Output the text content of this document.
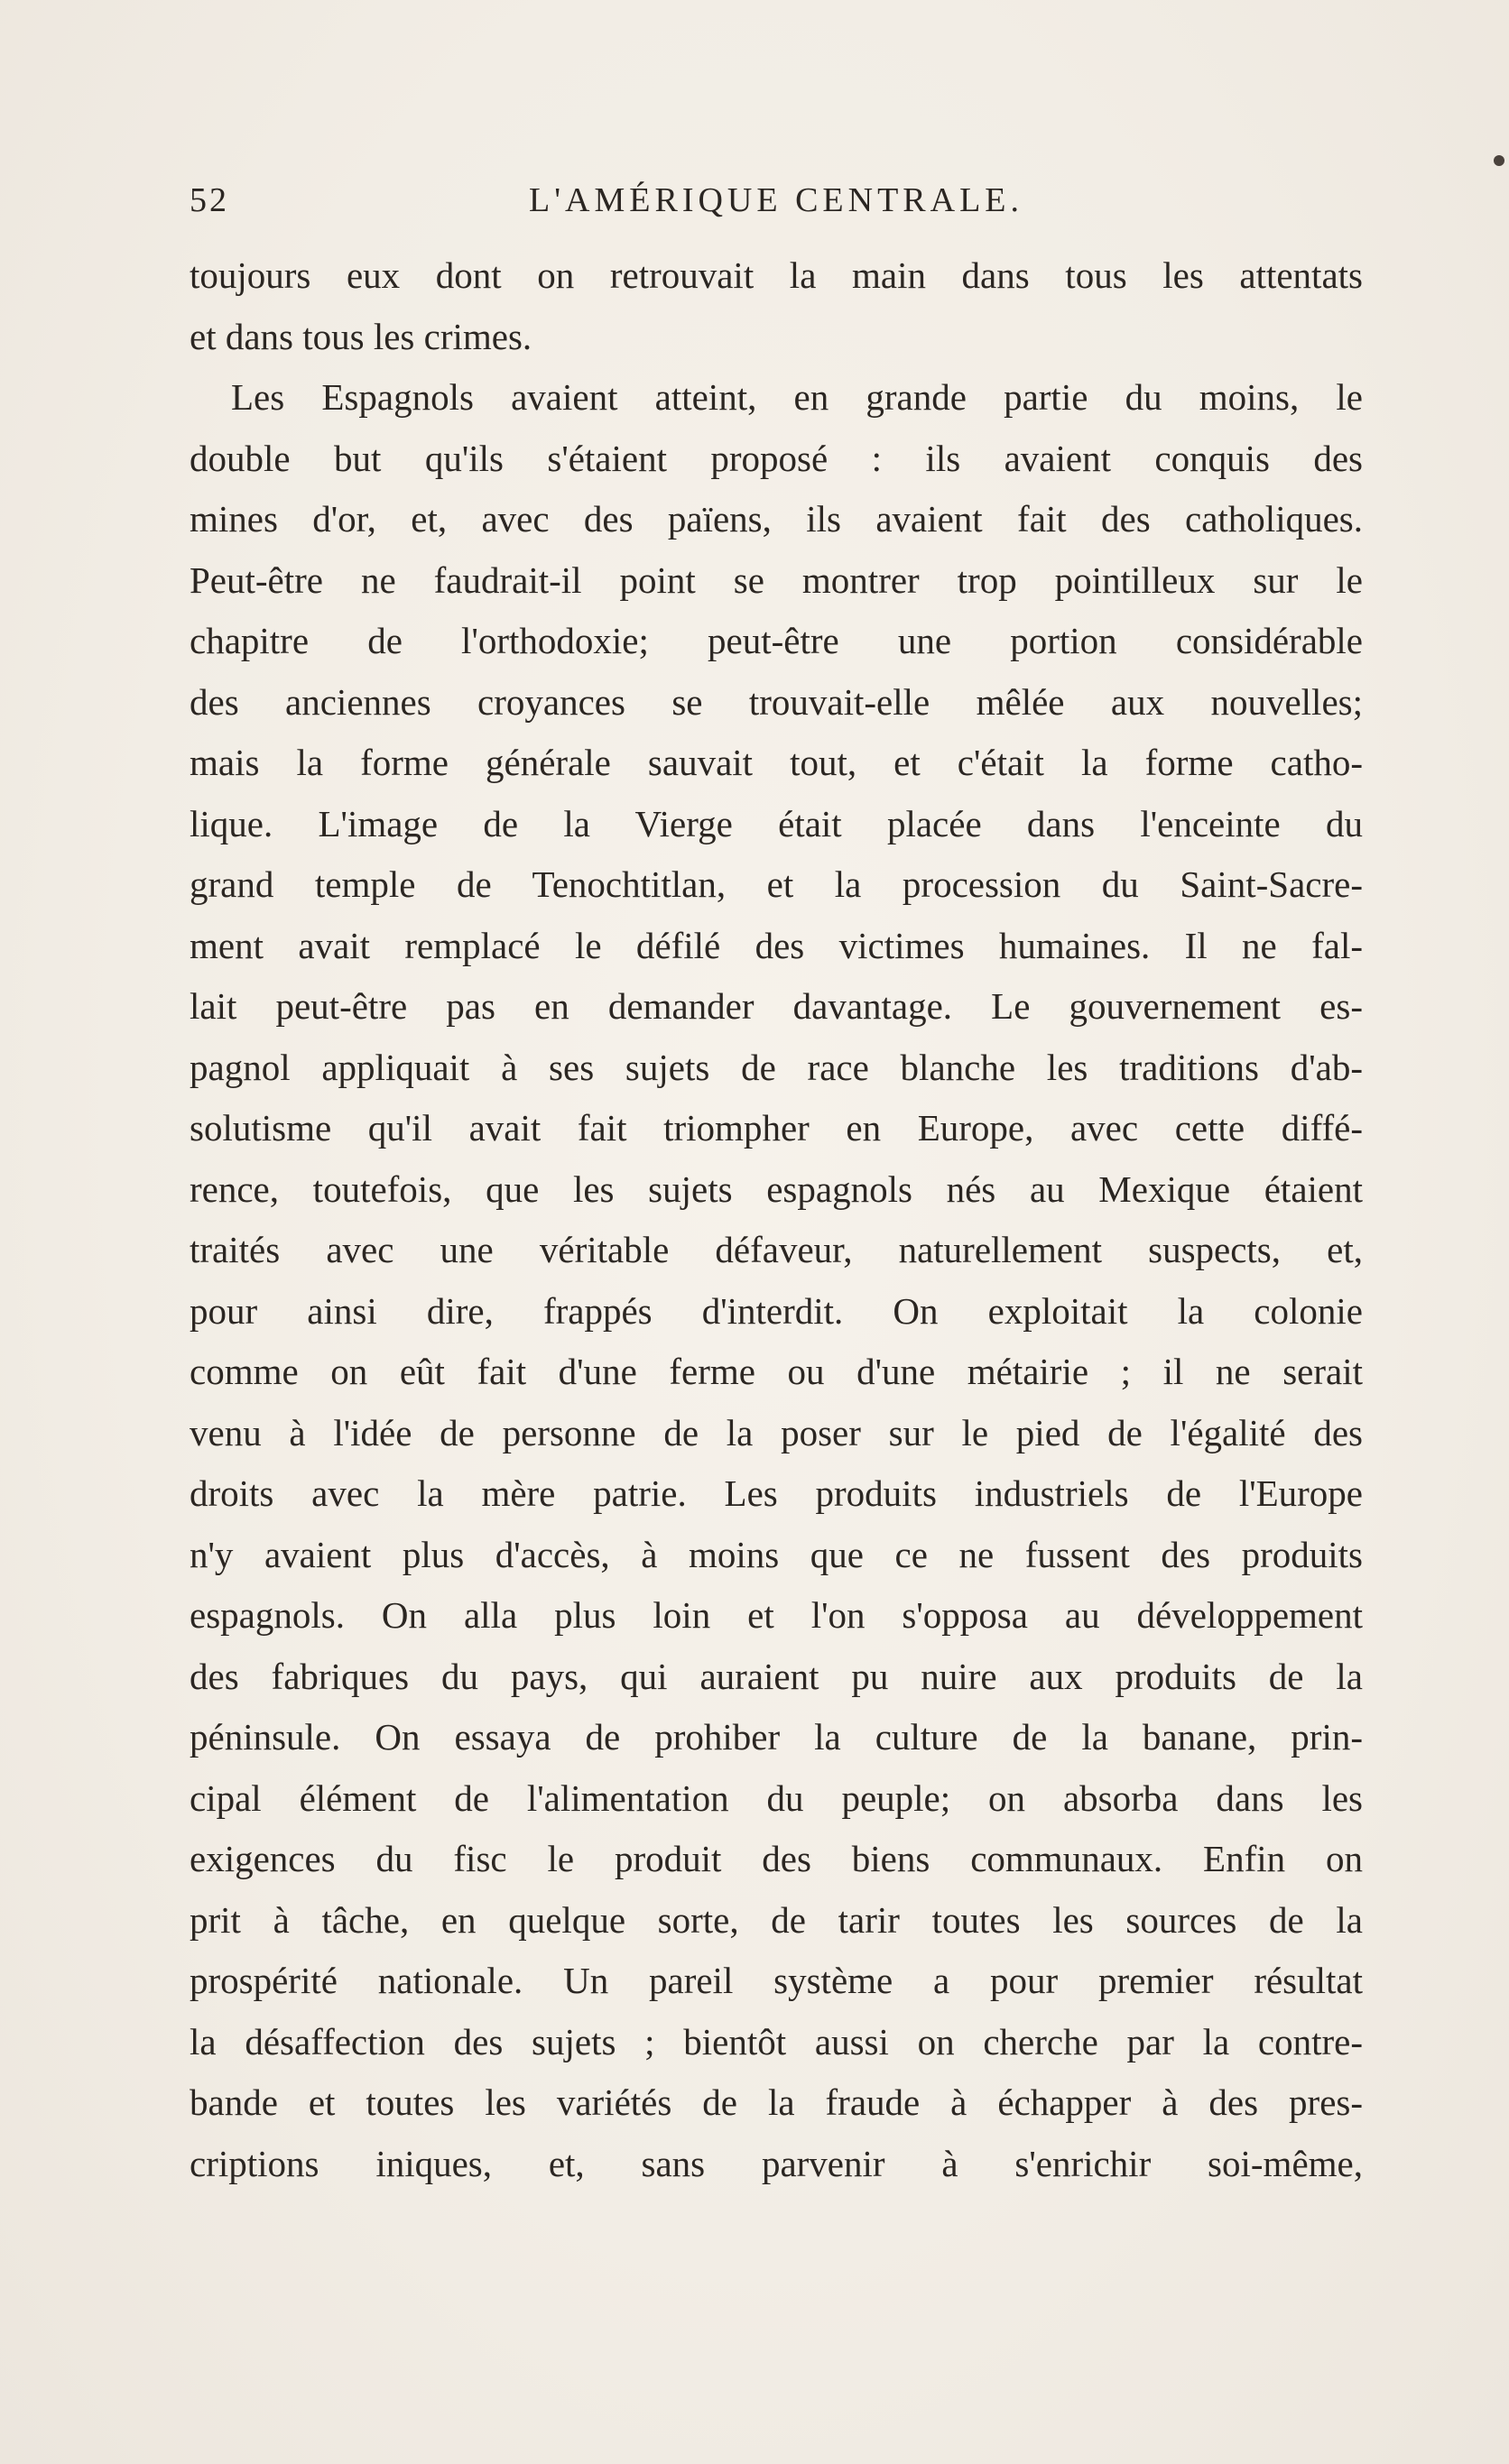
52	L'AMÉRIQUE CENTRALE.
toujours eux dont on retrouvait la main dans tous les attentats
et dans tous les crimes.
Les Espagnols avaient atteint, en grande partie du moins, le
double but qu'ils s'étaient proposé : ils avaient conquis des
mines d'or, et, avec des païens, ils avaient fait des catholiques.
Peut-être ne faudrait-il point se montrer trop pointilleux sur le
chapitre de l'orthodoxie; peut-être une portion considérable
des anciennes croyances se trouvait-elle mêlée aux nouvelles;
mais la forme générale sauvait tout, et c'était la forme catho-
lique. L'image de la Vierge était placée dans l'enceinte du
grand temple de Tenochtitlan, et la procession du Saint-Sacre-
ment avait remplacé le défilé des victimes humaines. Il ne fal-
lait peut-être pas en demander davantage. Le gouvernement es-
pagnol appliquait à ses sujets de race blanche les traditions d'ab-
solutisme qu'il avait fait triompher en Europe, avec cette diffé-
rence, toutefois, que les sujets espagnols nés au Mexique étaient
traités avec une véritable défaveur, naturellement suspects, et,
pour ainsi dire, frappés d'interdit. On exploitait la colonie
comme on eût fait d'une ferme ou d'une métairie ; il ne serait
venu à l'idée de personne de la poser sur le pied de l'égalité des
droits avec la mère patrie. Les produits industriels de l'Europe
n'y avaient plus d'accès, à moins que ce ne fussent des produits
espagnols. On alla plus loin et l'on s'opposa au développement
des fabriques du pays, qui auraient pu nuire aux produits de la
péninsule. On essaya de prohiber la culture de la banane, prin-
cipal élément de l'alimentation du peuple; on absorba dans les
exigences du fisc le produit des biens communaux. Enfin on
prit à tâche, en quelque sorte, de tarir toutes les sources de la
prospérité nationale. Un pareil système a pour premier résultat
la désaffection des sujets ; bientôt aussi on cherche par la contre-
bande et toutes les variétés de la fraude à échapper à des pres-
criptions iniques, et, sans parvenir à s'enrichir soi-même,
